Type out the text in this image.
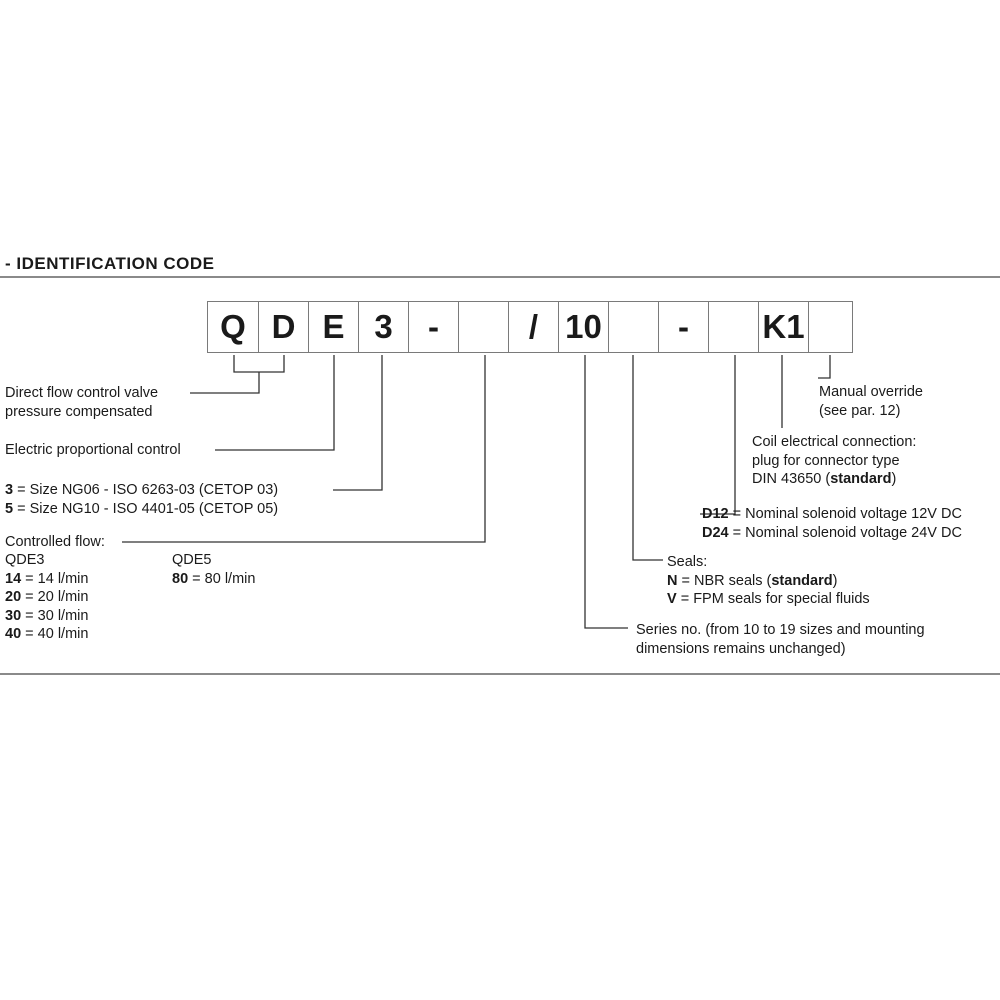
- IDENTIFICATION CODE
Q D E 3	-	/ 10	-	K1
Direct flow control valve
pressure compensated
Electric proportional control
3 = Size NG06 - ISO 6263-03 (CETOP 03)
5 = Size NG10 - ISO 4401-05 (CETOP 05)
Controlled flow:
QDE3
14 = 14 l/min
20 = 20 l/min
30 = 30 l/min
40 = 40 l/min
QDE5
80 = 80 l/min
Manual override
(see par. 12)
Coil electrical connection:
plug for connector type
DIN 43650 (standard)
D12 = Nominal solenoid voltage 12V DC
D24 = Nominal solenoid voltage 24V DC
Seals:
N = NBR seals (standard)
V = FPM seals for special fluids
Series no. (from 10 to 19 sizes and mounting
dimensions remains unchanged)
